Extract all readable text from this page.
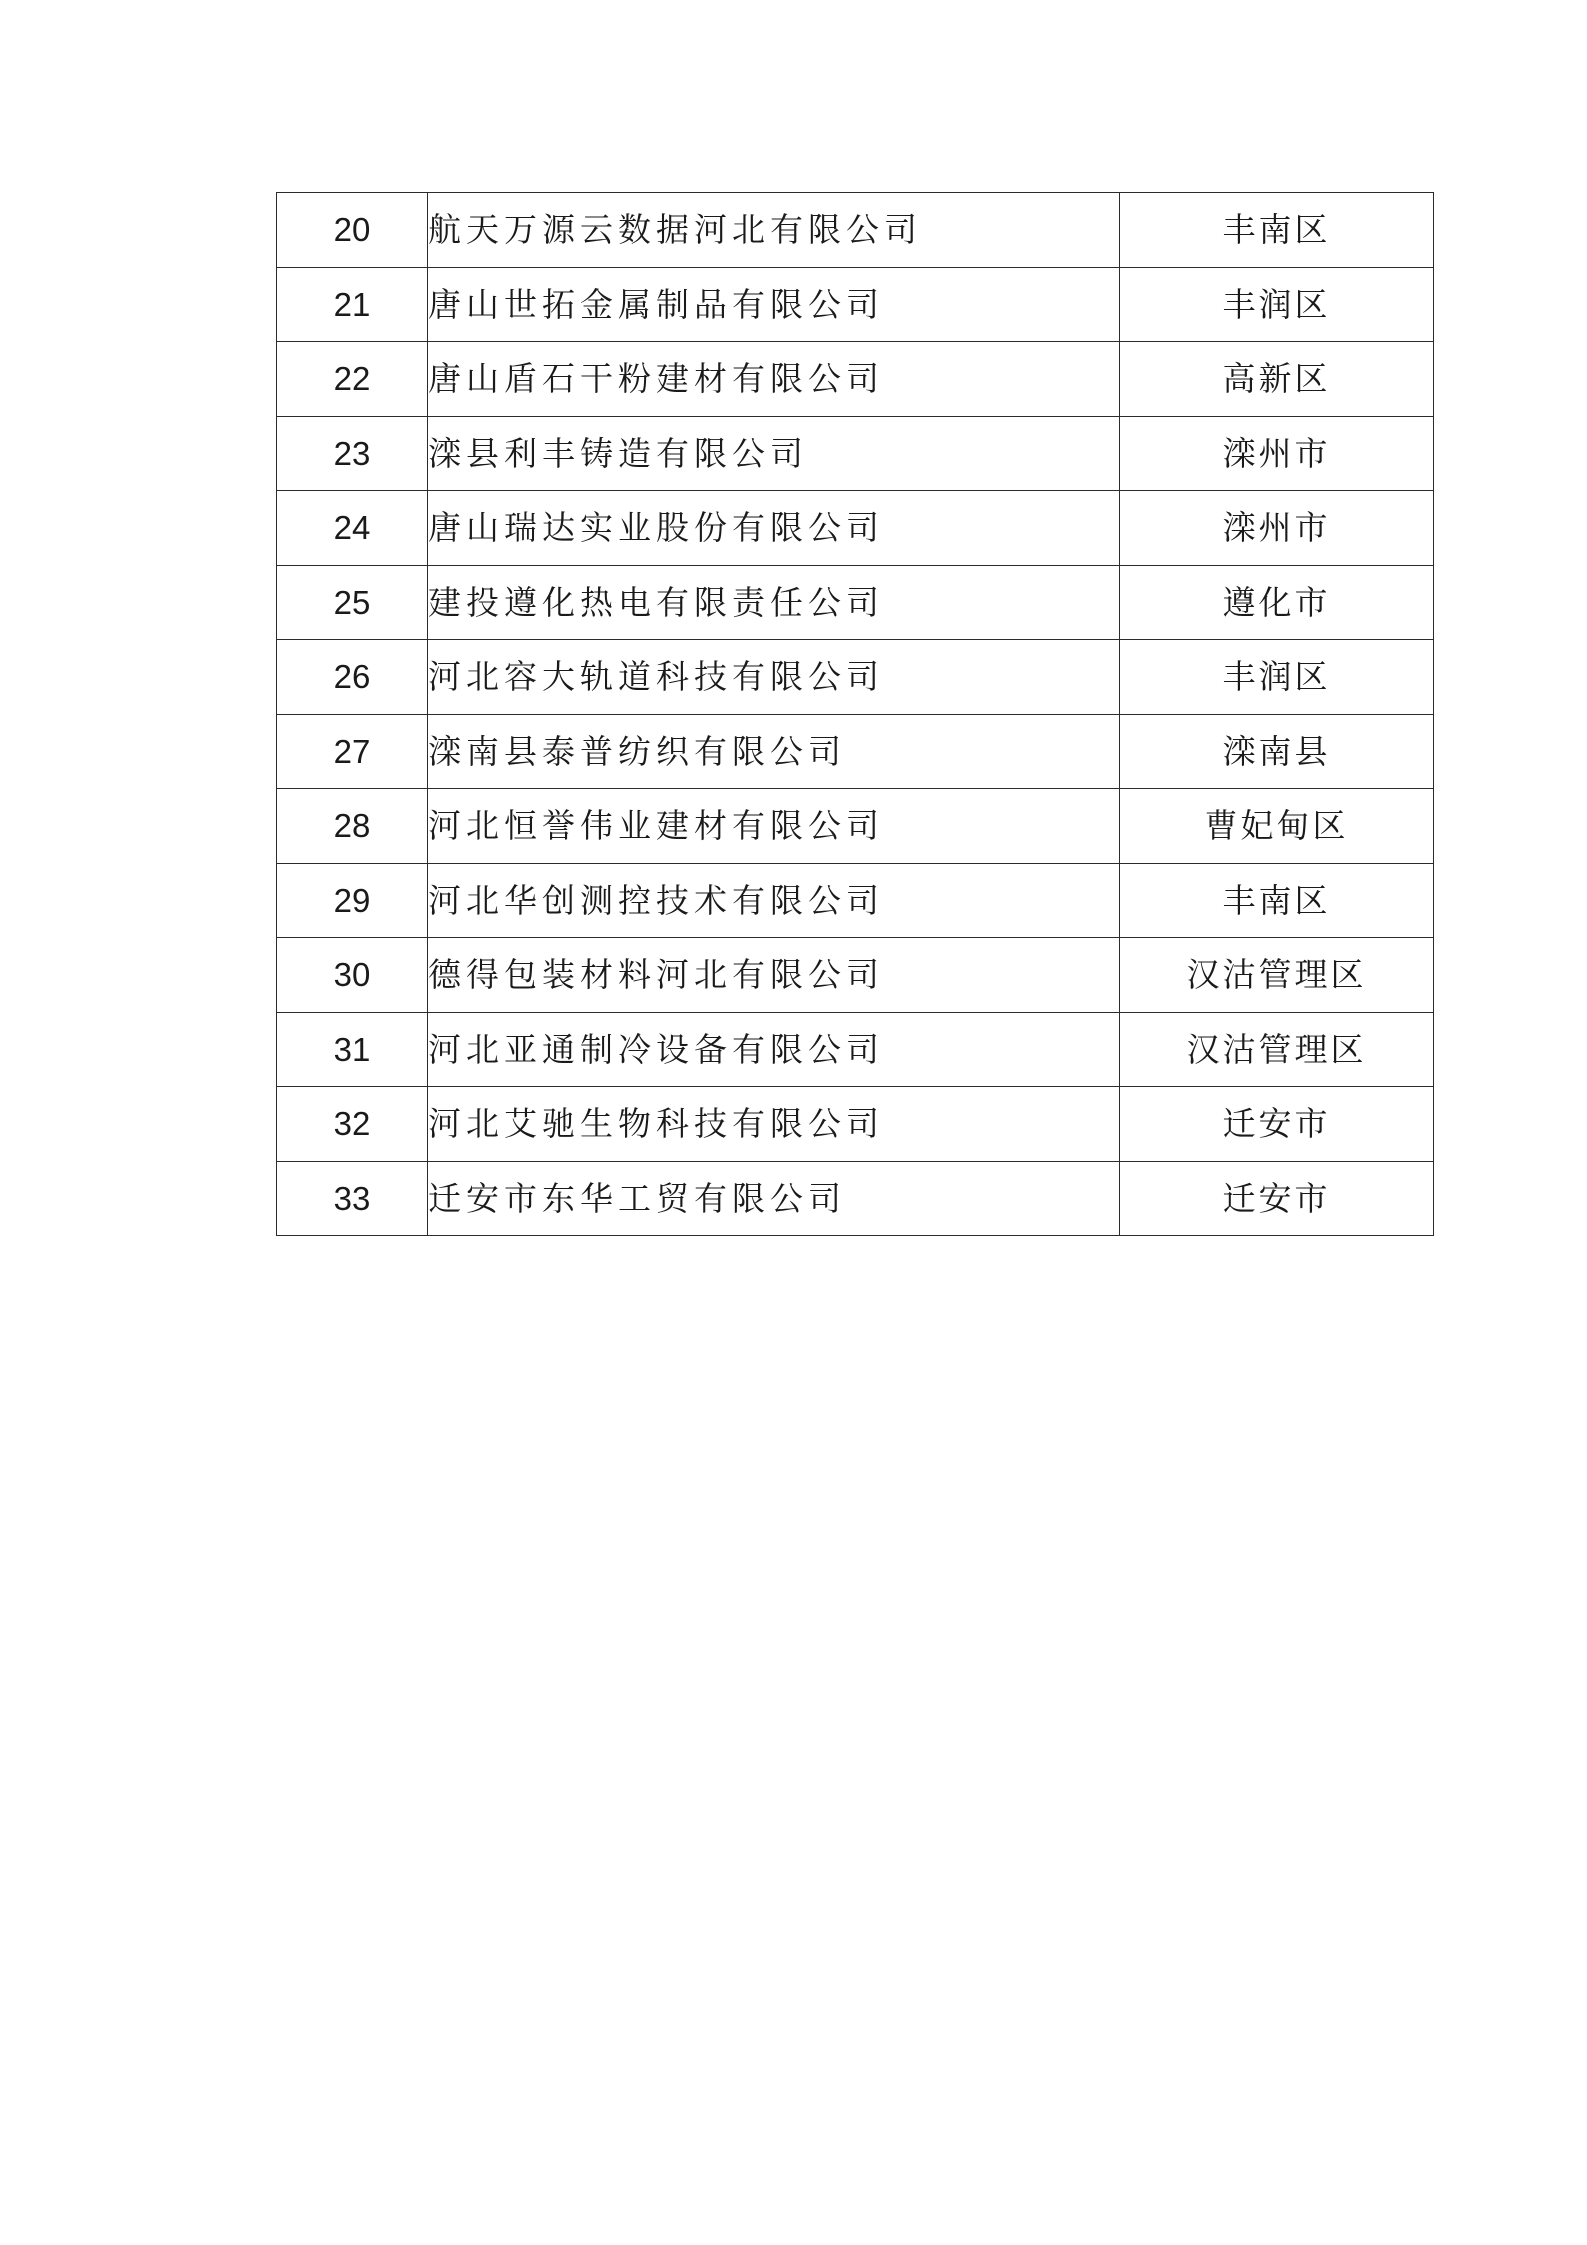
20	航天万源云数据河北有限公司	丰南区
21	唐山世拓金属制品有限公司	丰润区
22	唐山盾石干粉建材有限公司	高新区
23	滦县利丰铸造有限公司	滦州市
24	唐山瑞达实业股份有限公司	滦州市
25	建投遵化热电有限责任公司	遵化市
26	河北容大轨道科技有限公司	丰润区
27	滦南县泰普纺织有限公司	滦南县
28	河北恒誉伟业建材有限公司	曹妃甸区
29	河北华创测控技术有限公司	丰南区
30	德得包装材料河北有限公司	汉沽管理区
31	河北亚通制冷设备有限公司	汉沽管理区
32	河北艾驰生物科技有限公司	迁安市
33	迁安市东华工贸有限公司	迁安市
